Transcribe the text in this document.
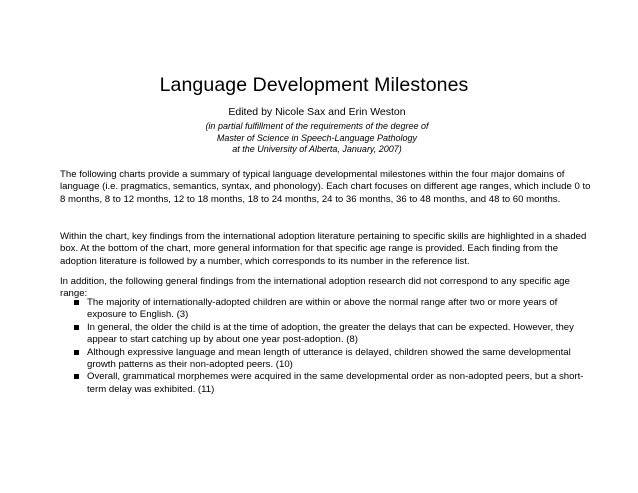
Language Development Milestones
Edited by Nicole Sax and Erin Weston
(in partial fulfillment of the requirements of the degree of
Master of Science in Speech-Language Pathology
at the University of Alberta, January, 2007)
The following charts provide a summary of typical language developmental milestones within the four major domains of language (i.e. pragmatics, semantics, syntax, and phonology). Each chart focuses on different age ranges, which include 0 to 8 months, 8 to 12 months, 12 to 18 months, 18 to 24 months, 24 to 36 months, 36 to 48 months, and 48 to 60 months.
Within the chart, key findings from the international adoption literature pertaining to specific skills are highlighted in a shaded box. At the bottom of the chart, more general information for that specific age range is provided. Each finding from the adoption literature is followed by a number, which corresponds to its number in the reference list.
In addition, the following general findings from the international adoption research did not correspond to any specific age range:
The majority of internationally-adopted children are within or above the normal range after two or more years of exposure to English. (3)
In general, the older the child is at the time of adoption, the greater the delays that can be expected. However, they appear to start catching up by about one year post-adoption. (8)
Although expressive language and mean length of utterance is delayed, children showed the same developmental growth patterns as their non-adopted peers. (10)
Overall, grammatical morphemes were acquired in the same developmental order as non-adopted peers, but a short-term delay was exhibited. (11)
